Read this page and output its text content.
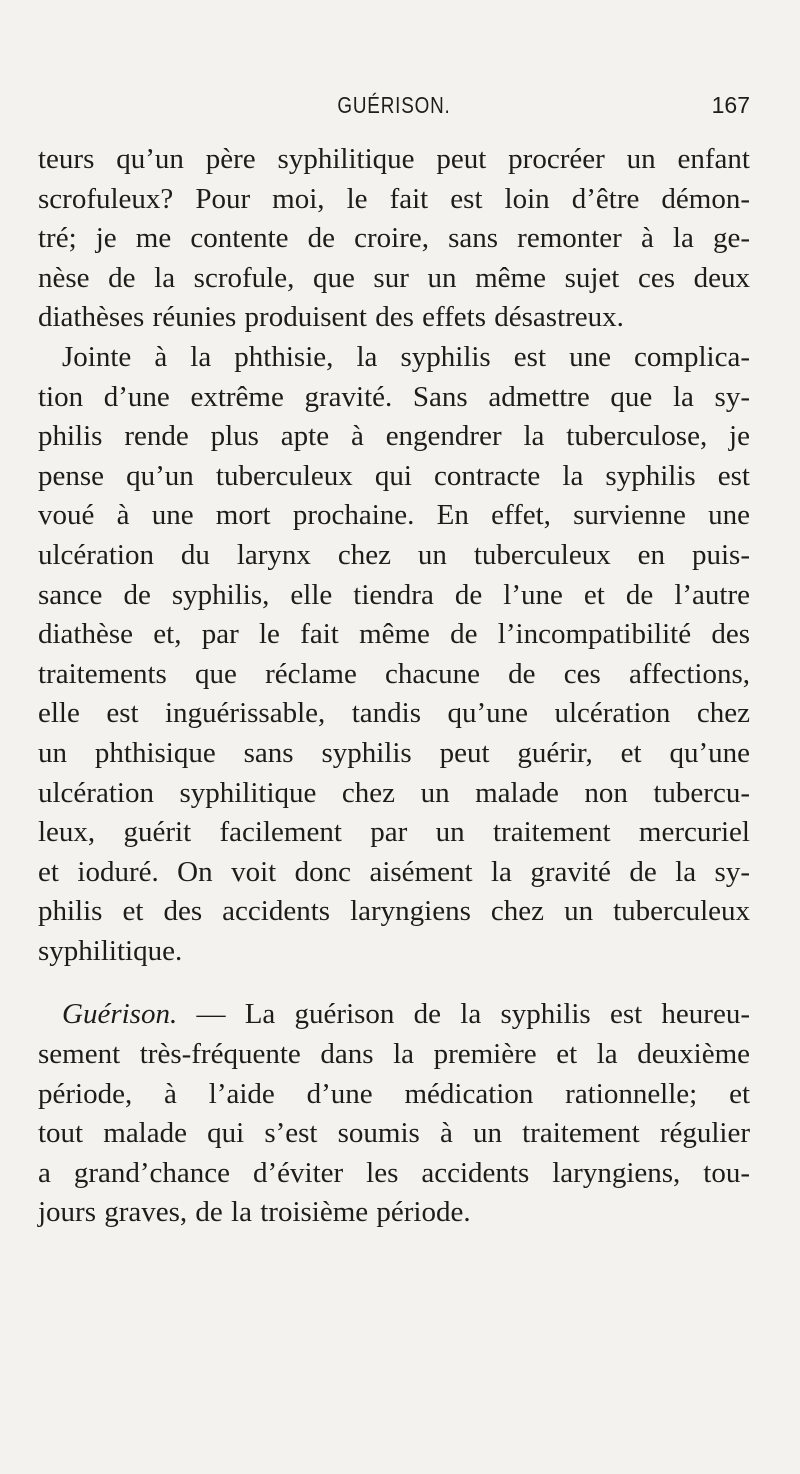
GUÉRISON.	167
teurs qu’un père syphilitique peut procréer un enfant
scrofuleux? Pour moi, le fait est loin d’être démon-
tré; je me contente de croire, sans remonter à la ge-
nèse de la scrofule, que sur un même sujet ces deux
diathèses réunies produisent des effets désastreux.
Jointe à la phthisie, la syphilis est une complica-
tion d’une extrême gravité. Sans admettre que la sy-
philis rende plus apte à engendrer la tuberculose, je
pense qu’un tuberculeux qui contracte la syphilis est
voué à une mort prochaine. En effet, survienne une
ulcération du larynx chez un tuberculeux en puis-
sance de syphilis, elle tiendra de l’une et de l’autre
diathèse et, par le fait même de l’incompatibilité des
traitements que réclame chacune de ces affections,
elle est inguérissable, tandis qu’une ulcération chez
un phthisique sans syphilis peut guérir, et qu’une
ulcération syphilitique chez un malade non tubercu-
leux, guérit facilement par un traitement mercuriel
et ioduré. On voit donc aisément la gravité de la sy-
philis et des accidents laryngiens chez un tuberculeux
syphilitique.
Guérison. — La guérison de la syphilis est heureu-
sement très-fréquente dans la première et la deuxième
période, à l’aide d’une médication rationnelle; et
tout malade qui s’est soumis à un traitement régulier
a grand’chance d’éviter les accidents laryngiens, tou-
jours graves, de la troisième période.
